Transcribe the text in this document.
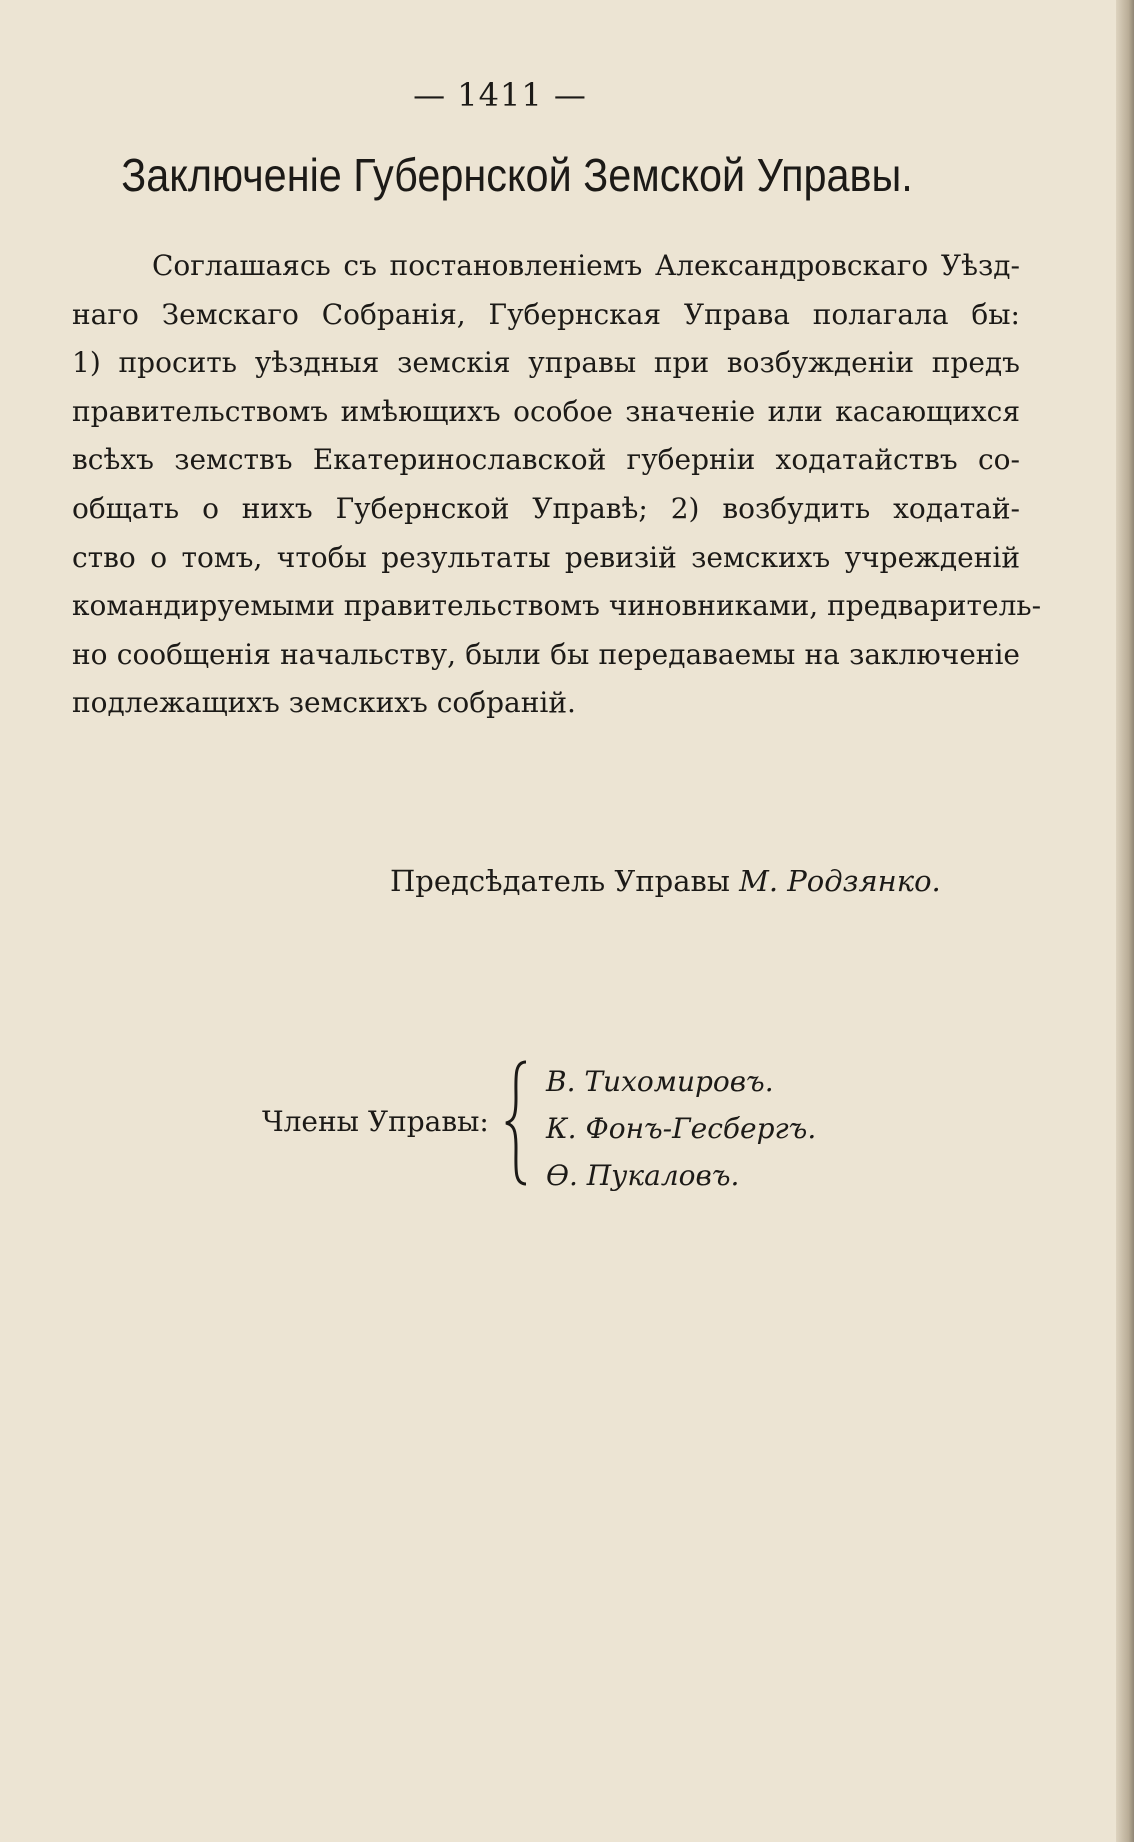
— 1411 —
Заключеніе Губернской Земской Управы.
Соглашаясь съ постановленіемъ Александровскаго Уѣзд-
наго Земскаго Собранія, Губернская Управа полагала бы:
1) просить уѣздныя земскія управы при возбужденіи предъ
правительствомъ имѣющихъ особое значеніе или касающихся
всѣхъ земствъ Екатеринославской губерніи ходатайствъ со-
общать о нихъ Губернской Управѣ; 2) возбудить ходатай-
ство о томъ, чтобы результаты ревизій земскихъ учрежденій
командируемыми правительствомъ чиновниками, предваритель-
но сообщенія начальству, были бы передаваемы на заключеніе
подлежащихъ земскихъ собраній.
Предсѣдатель Управы М. Родзянко.
Члены Управы:
В. Тихомировъ.
К. Фонъ-Гесбергъ.
Ѳ. Пукаловъ.
